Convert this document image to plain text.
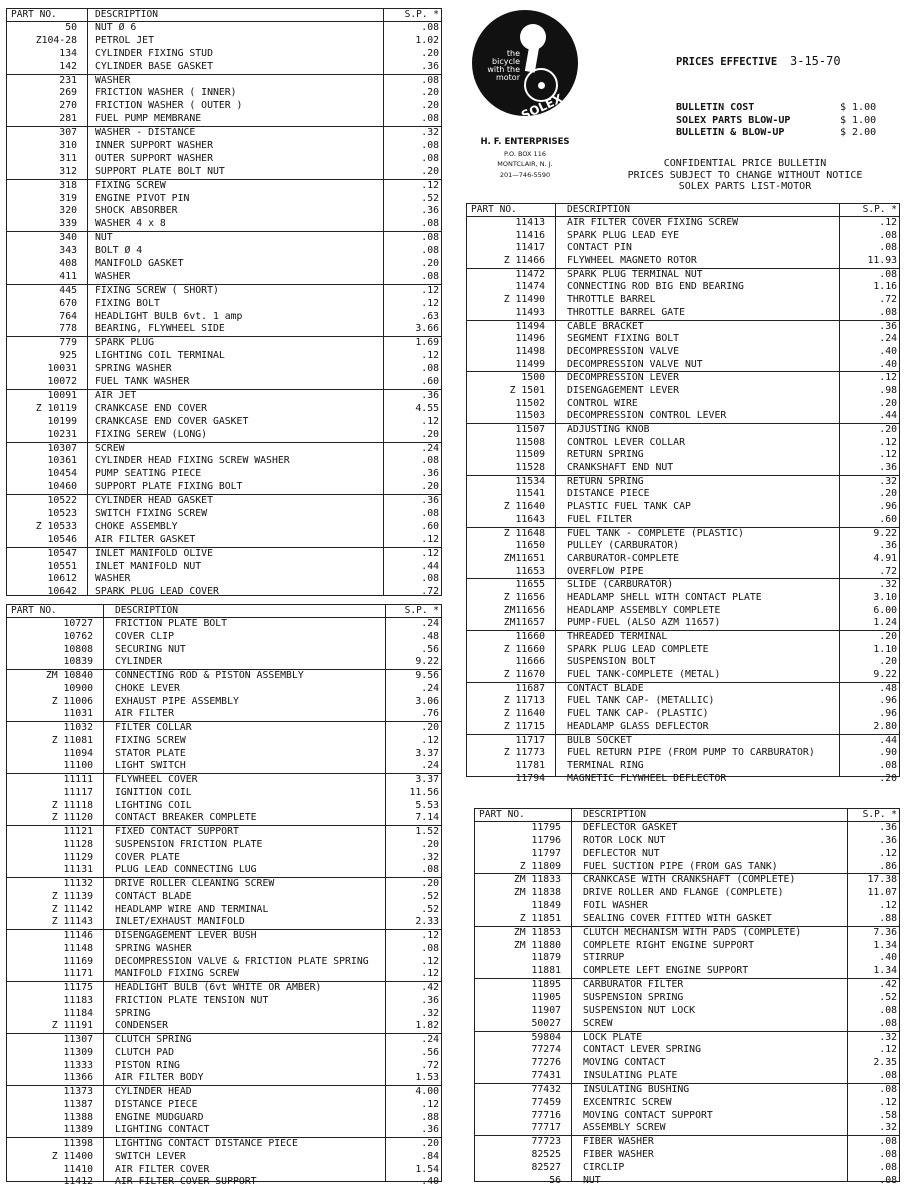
the
bicycle
with the
motor
SOLEX
H. F. ENTERPRISES
P.O. BOX 116
MONTCLAIR, N. J.
201—746-5590
PRICES EFFECTIVE 3-15-70
BULLETIN COST	$ 1.00
SOLEX PARTS BLOW-UP	$ 1.00
BULLETIN & BLOW-UP	$ 2.00
CONFIDENTIAL PRICE BULLETIN
PRICES SUBJECT TO CHANGE WITHOUT NOTICE
SOLEX PARTS LIST-MOTOR
PART NO.	DESCRIPTION	S.P. *
50 NUT Ø 6	.08
Z104-28 PETROL JET	1.02
134 CYLINDER FIXING STUD	.20
142 CYLINDER BASE GASKET	.36
231 WASHER	.08
269 FRICTION WASHER ( INNER)	.20
270 FRICTION WASHER ( OUTER )	.20
281 FUEL PUMP MEMBRANE	.08
307 WASHER - DISTANCE	.32
310 INNER SUPPORT WASHER	.08
311 OUTER SUPPORT WASHER	.08
312 SUPPORT PLATE BOLT NUT	.20
318 FIXING SCREW	.12
319 ENGINE PIVOT PIN	.52
320 SHOCK ABSORBER	.36
339 WASHER 4 x 8	.08
340 NUT	.08
343 BOLT Ø 4	.08
408 MANIFOLD GASKET	.20
411 WASHER	.08
445 FIXING SCREW ( SHORT)	.12
670 FIXING BOLT	.12
764 HEADLIGHT BULB 6vt. 1 amp	.63
778 BEARING, FLYWHEEL SIDE	3.66
779 SPARK PLUG	1.69
925 LIGHTING COIL TERMINAL	.12
10031 SPRING WASHER	.08
10072 FUEL TANK WASHER	.60
10091 AIR JET	.36
Z 10119 CRANKCASE END COVER	4.55
10199 CRANKCASE END COVER GASKET	.12
10231 FIXING SEREW (LONG)	.20
10307 SCREW	.24
10361 CYLINDER HEAD FIXING SCREW WASHER	.08
10454 PUMP SEATING PIECE	.36
10460 SUPPORT PLATE FIXING BOLT	.20
10522 CYLINDER HEAD GASKET	.36
10523 SWITCH FIXING SCREW	.08
Z 10533 CHOKE ASSEMBLY	.60
10546 AIR FILTER GASKET	.12
10547 INLET MANIFOLD OLIVE	.12
10551 INLET MANIFOLD NUT	.44
10612 WASHER	.08
10642 SPARK PLUG LEAD COVER	.72
PART NO.	DESCRIPTION	S.P. *
10727 FRICTION PLATE BOLT	.24
10762 COVER CLIP	.48
10808 SECURING NUT	.56
10839 CYLINDER	9.22
ZM 10840 CONNECTING ROD & PISTON ASSEMBLY	9.56
10900 CHOKE LEVER	.24
Z 11006 EXHAUST PIPE ASSEMBLY	3.06
11031 AIR FILTER	.76
11032 FILTER COLLAR	.20
Z 11081 FIXING SCREW	.12
11094 STATOR PLATE	3.37
11100 LIGHT SWITCH	.24
11111 FLYWHEEL COVER	3.37
11117 IGNITION COIL	11.56
Z 11118 LIGHTING COIL	5.53
Z 11120 CONTACT BREAKER COMPLETE	7.14
11121 FIXED CONTACT SUPPORT	1.52
11128 SUSPENSION FRICTION PLATE	.20
11129 COVER PLATE	.32
11131 PLUG LEAD CONNECTING LUG	.08
11132 DRIVE ROLLER CLEANING SCREW	.20
Z 11139 CONTACT BLADE	.52
Z 11142 HEADLAMP WIRE AND TERMINAL	.52
Z 11143 INLET/EXHAUST MANIFOLD	2.33
11146 DISENGAGEMENT LEVER BUSH	.12
11148 SPRING WASHER	.08
11169 DECOMPRESSION VALVE & FRICTION PLATE SPRING	.12
11171 MANIFOLD FIXING SCREW	.12
11175 HEADLIGHT BULB (6vt WHITE OR AMBER)	.42
11183 FRICTION PLATE TENSION NUT	.36
11184 SPRING	.32
Z 11191 CONDENSER	1.82
11307 CLUTCH SPRING	.24
11309 CLUTCH PAD	.56
11333 PISTON RING	.72
11366 AIR FILTER BODY	1.53
11373 CYLINDER HEAD	4.00
11387 DISTANCE PIECE	.12
11388 ENGINE MUDGUARD	.88
11389 LIGHTING CONTACT	.36
11398 LIGHTING CONTACT DISTANCE PIECE	.20
Z 11400 SWITCH LEVER	.84
11410 AIR FILTER COVER	1.54
11412 AIR FILTER COVER SUPPORT	.40
PART NO.	DESCRIPTION	S.P. *
11413 AIR FILTER COVER FIXING SCREW	.12
11416 SPARK PLUG LEAD EYE	.08
11417 CONTACT PIN	.08
Z 11466 FLYWHEEL MAGNETO ROTOR	11.93
11472 SPARK PLUG TERMINAL NUT	.08
11474 CONNECTING ROD BIG END BEARING	1.16
Z 11490 THROTTLE BARREL	.72
11493 THROTTLE BARREL GATE	.08
11494 CABLE BRACKET	.36
11496 SEGMENT FIXING BOLT	.24
11498 DECOMPRESSION VALVE	.40
11499 DECOMPRESSION VALVE NUT	.40
1500 DECOMPRESSION LEVER	.12
Z 1501 DISENGAGEMENT LEVER	.98
11502 CONTROL WIRE	.20
11503 DECOMPRESSION CONTROL LEVER	.44
11507 ADJUSTING KNOB	.20
11508 CONTROL LEVER COLLAR	.12
11509 RETURN SPRING	.12
11528 CRANKSHAFT END NUT	.36
11534 RETURN SPRING	.32
11541 DISTANCE PIECE	.20
Z 11640 PLASTIC FUEL TANK CAP	.96
11643 FUEL FILTER	.60
Z 11648 FUEL TANK - COMPLETE (PLASTIC)	9.22
11650 PULLEY (CARBURATOR)	.36
ZM11651 CARBURATOR-COMPLETE	4.91
11653 OVERFLOW PIPE	.72
11655 SLIDE (CARBURATOR)	.32
Z 11656 HEADLAMP SHELL WITH CONTACT PLATE	3.10
ZM11656 HEADLAMP ASSEMBLY COMPLETE	6.00
ZM11657 PUMP-FUEL (ALSO AZM 11657)	1.24
11660 THREADED TERMINAL	.20
Z 11660 SPARK PLUG LEAD COMPLETE	1.10
11666 SUSPENSION BOLT	.20
Z 11670 FUEL TANK-COMPLETE (METAL)	9.22
11687 CONTACT BLADE	.48
Z 11713 FUEL TANK CAP- (METALLIC)	.96
Z 11640 FUEL TANK CAP- (PLASTIC)	.96
Z 11715 HEADLAMP GLASS DEFLECTOR	2.80
11717 BULB SOCKET	.44
Z 11773 FUEL RETURN PIPE (FROM PUMP TO CARBURATOR)	.90
11781 TERMINAL RING	.08
11794 MAGNETIC FLYWHEEL DEFLECTOR	.20
PART NO.	DESCRIPTION	S.P. *
11795 DEFLECTOR GASKET	.36
11796 ROTOR LOCK NUT	.36
11797 DEFLECTOR NUT	.12
Z 11809 FUEL SUCTION PIPE (FROM GAS TANK)	.86
ZM 11833 CRANKCASE WITH CRANKSHAFT (COMPLETE)	17.38
ZM 11838 DRIVE ROLLER AND FLANGE (COMPLETE)	11.07
11849 FOIL WASHER	.12
Z 11851 SEALING COVER FITTED WITH GASKET	.88
ZM 11853 CLUTCH MECHANISM WITH PADS (COMPLETE)	7.36
ZM 11880 COMPLETE RIGHT ENGINE SUPPORT	1.34
11879 STIRRUP	.40
11881 COMPLETE LEFT ENGINE SUPPORT	1.34
11895 CARBURATOR FILTER	.42
11905 SUSPENSION SPRING	.52
11907 SUSPENSION NUT LOCK	.08
50027 SCREW	.08
59804 LOCK PLATE	.32
77274 CONTACT LEVER SPRING	.12
77276 MOVING CONTACT	2.35
77431 INSULATING PLATE	.08
77432 INSULATING BUSHING	.08
77459 EXCENTRIC SCREW	.12
77716 MOVING CONTACT SUPPORT	.58
77717 ASSEMBLY SCREW	.32
77723 FIBER WASHER	.08
82525 FIBER WASHER	.08
82527 CIRCLIP	.08
56 NUT	.08
